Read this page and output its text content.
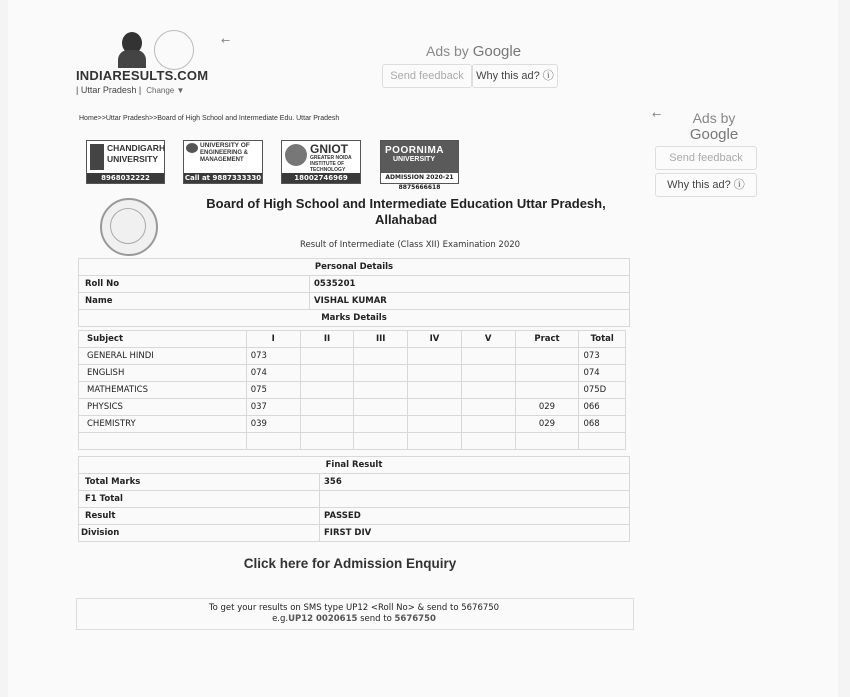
INDIARESULTS.COM
| Uttar Pradesh | Change ▼
←
Ads by Google
Send feedback	Why this ad? ⓘ
Home>>Uttar Pradesh>>Board of High School and Intermediate Edu. Uttar Pradesh	←	Ads by
Google
Send feedback
Why this ad? ⓘ
CHANDIGARH
UNIVERSITY
8968032222
UNIVERSITY OF
ENGINEERING & MANAGEMENT
Call at 9887333330
GNIOT
GREATER NOIDA INSTITUTE OF TECHNOLOGY
18002746969
POORNIMA
UNIVERSITY
ADMISSION 2020-21 8875666618
Board of High School and Intermediate Education Uttar Pradesh, Allahabad
Result of Intermediate (Class XII) Examination 2020
Personal Details	
Roll No	0535201
Name	VISHAL KUMAR
Marks Details	
Subject	I	II	III	IV	V	Pract	Total
GENERAL HINDI	073						073
ENGLISH	074						074
MATHEMATICS	075						075D
PHYSICS	037					029	066
CHEMISTRY	039					029	068

Final Result	
Total Marks	356
F1 Total	
Result	PASSED
Division	FIRST DIV
Click here for Admission Enquiry
To get your results on SMS type UP12 <Roll No> & send to 5676750
e.g.UP12 0020615 send to 5676750
